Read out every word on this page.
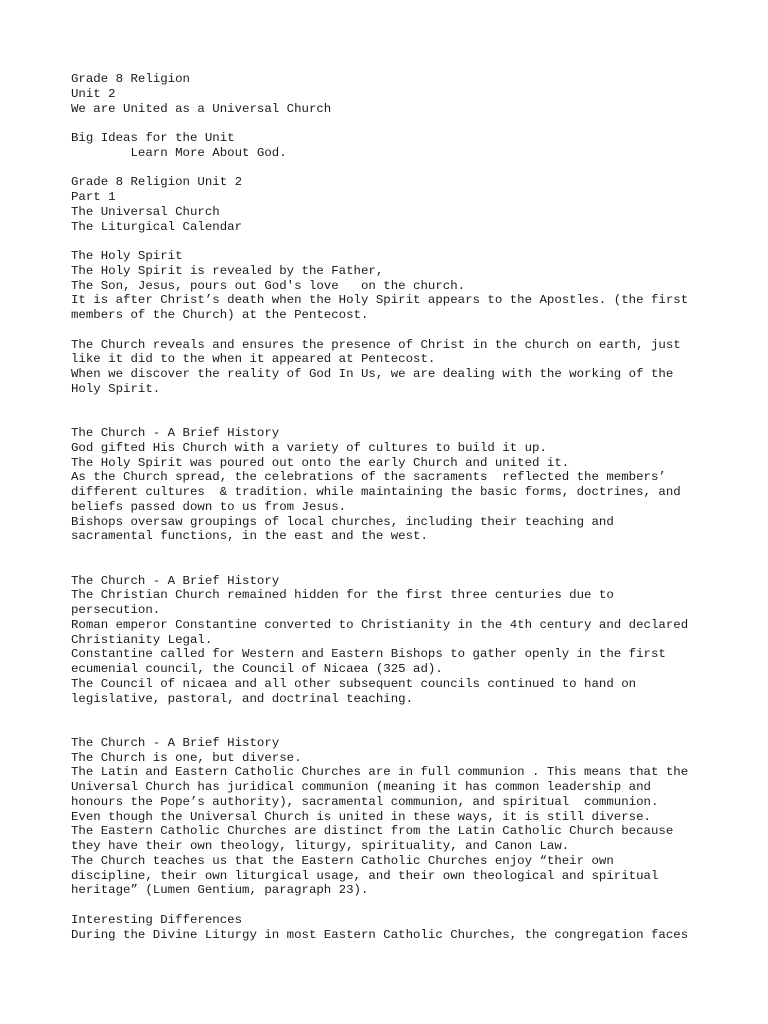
Grade 8 Religion
Unit 2
We are United as a Universal Church
Big Ideas for the Unit
Learn More About God.
Grade 8 Religion Unit 2
Part 1
The Universal Church
The Liturgical Calendar
The Holy Spirit
The Holy Spirit is revealed by the Father,
The Son, Jesus, pours out God's love   on the church.
It is after Christ’s death when the Holy Spirit appears to the Apostles. (the first
members of the Church) at the Pentecost.
The Church reveals and ensures the presence of Christ in the church on earth, just
like it did to the when it appeared at Pentecost.
When we discover the reality of God In Us, we are dealing with the working of the
Holy Spirit.
The Church - A Brief History
God gifted His Church with a variety of cultures to build it up.
The Holy Spirit was poured out onto the early Church and united it.
As the Church spread, the celebrations of the sacraments  reflected the members’
different cultures  & tradition. while maintaining the basic forms, doctrines, and
beliefs passed down to us from Jesus.
Bishops oversaw groupings of local churches, including their teaching and
sacramental functions, in the east and the west.
The Church - A Brief History
The Christian Church remained hidden for the first three centuries due to
persecution.
Roman emperor Constantine converted to Christianity in the 4th century and declared
Christianity Legal.
Constantine called for Western and Eastern Bishops to gather openly in the first
ecumenial council, the Council of Nicaea (325 ad).
The Council of nicaea and all other subsequent councils continued to hand on
legislative, pastoral, and doctrinal teaching.
The Church - A Brief History
The Church is one, but diverse.
The Latin and Eastern Catholic Churches are in full communion . This means that the
Universal Church has juridical communion (meaning it has common leadership and
honours the Pope’s authority), sacramental communion, and spiritual  communion.
Even though the Universal Church is united in these ways, it is still diverse.
The Eastern Catholic Churches are distinct from the Latin Catholic Church because
they have their own theology, liturgy, spirituality, and Canon Law.
The Church teaches us that the Eastern Catholic Churches enjoy “their own
discipline, their own liturgical usage, and their own theological and spiritual
heritage” (Lumen Gentium, paragraph 23).
Interesting Differences
During the Divine Liturgy in most Eastern Catholic Churches, the congregation faces
